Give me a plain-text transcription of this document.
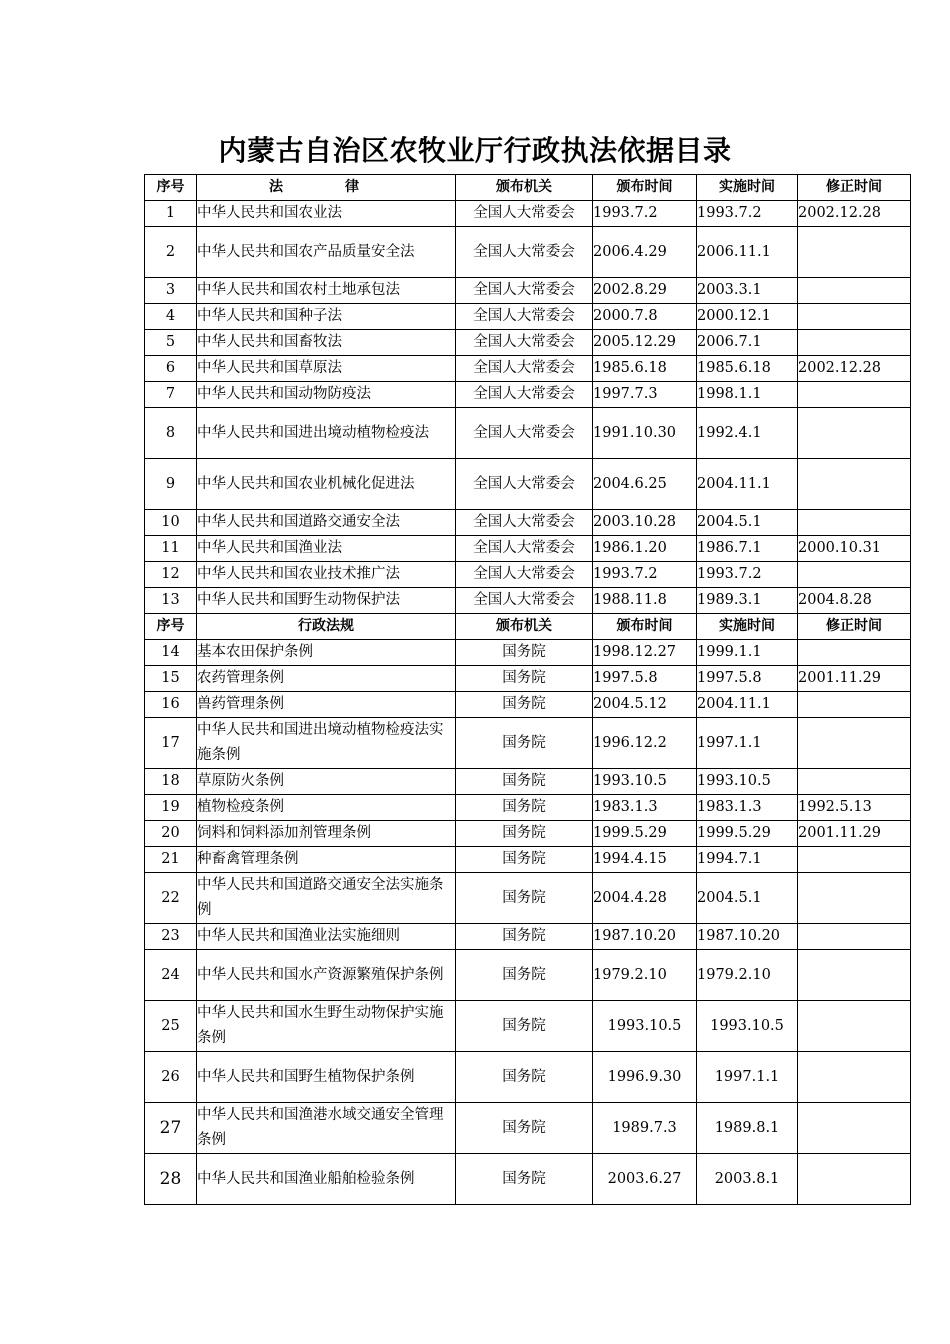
内蒙古自治区农牧业厅行政执法依据目录
序号	法　律	颁布机关	颁布时间	实施时间	修正时间
1	中华人民共和国农业法	全国人大常委会	1993.7.2	1993.7.2	2002.12.28
2	中华人民共和国农产品质量安全法	全国人大常委会	2006.4.29	2006.11.1	
3	中华人民共和国农村土地承包法	全国人大常委会	2002.8.29	2003.3.1	
4	中华人民共和国种子法	全国人大常委会	2000.7.8	2000.12.1	
5	中华人民共和国畜牧法	全国人大常委会	2005.12.29	2006.7.1	
6	中华人民共和国草原法	全国人大常委会	1985.6.18	1985.6.18	2002.12.28
7	中华人民共和国动物防疫法	全国人大常委会	1997.7.3	1998.1.1	
8	中华人民共和国进出境动植物检疫法	全国人大常委会	1991.10.30	1992.4.1	
9	中华人民共和国农业机械化促进法	全国人大常委会	2004.6.25	2004.11.1	
10	中华人民共和国道路交通安全法	全国人大常委会	2003.10.28	2004.5.1	
11	中华人民共和国渔业法	全国人大常委会	1986.1.20	1986.7.1	2000.10.31
12	中华人民共和国农业技术推广法	全国人大常委会	1993.7.2	1993.7.2	
13	中华人民共和国野生动物保护法	全国人大常委会	1988.11.8	1989.3.1	2004.8.28
序号	行政法规	颁布机关	颁布时间	实施时间	修正时间
14	基本农田保护条例	国务院	1998.12.27	1999.1.1	
15	农药管理条例	国务院	1997.5.8	1997.5.8	2001.11.29
16	兽药管理条例	国务院	2004.5.12	2004.11.1	
17	中华人民共和国进出境动植物检疫法实施条例	国务院	1996.12.2	1997.1.1	
18	草原防火条例	国务院	1993.10.5	1993.10.5	
19	植物检疫条例	国务院	1983.1.3	1983.1.3	1992.5.13
20	饲料和饲料添加剂管理条例	国务院	1999.5.29	1999.5.29	2001.11.29
21	种畜禽管理条例	国务院	1994.4.15	1994.7.1	
22	中华人民共和国道路交通安全法实施条例	国务院	2004.4.28	2004.5.1	
23	中华人民共和国渔业法实施细则	国务院	1987.10.20	1987.10.20	
24	中华人民共和国水产资源繁殖保护条例	国务院	1979.2.10	1979.2.10	
25	中华人民共和国水生野生动物保护实施条例	国务院	1993.10.5	1993.10.5	
26	中华人民共和国野生植物保护条例	国务院	1996.9.30	1997.1.1	
27	中华人民共和国渔港水域交通安全管理条例	国务院	1989.7.3	1989.8.1	
28	中华人民共和国渔业船舶检验条例	国务院	2003.6.27	2003.8.1	
